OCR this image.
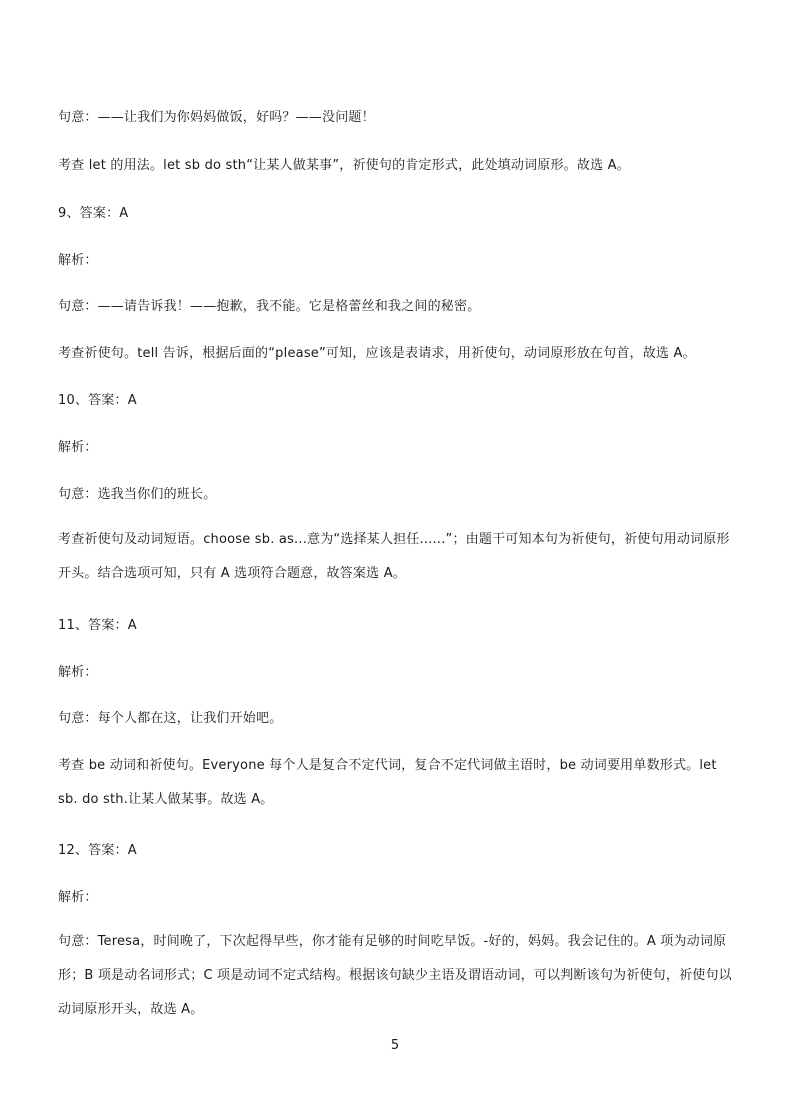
句意：——让我们为你妈妈做饭，好吗？——没问题！
考查 let 的用法。let sb do sth“让某人做某事”，祈使句的肯定形式，此处填动词原形。故选 A。
9、答案：A
解析：
句意：——请告诉我！——抱歉，我不能。它是格蕾丝和我之间的秘密。
考查祈使句。tell 告诉，根据后面的“please”可知，应该是表请求，用祈使句，动词原形放在句首，故选 A。
10、答案：A
解析：
句意：选我当你们的班长。
考查祈使句及动词短语。choose sb. as...意为“选择某人担任......”；由题干可知本句为祈使句，祈使句用动词原形开头。结合选项可知，只有 A 选项符合题意，故答案选 A。
11、答案：A
解析：
句意：每个人都在这，让我们开始吧。
考查 be 动词和祈使句。Everyone 每个人是复合不定代词，复合不定代词做主语时，be 动词要用单数形式。let sb. do sth.让某人做某事。故选 A。
12、答案：A
解析：
句意：Teresa，时间晚了，下次起得早些，你才能有足够的时间吃早饭。-好的，妈妈。我会记住的。A 项为动词原形；B 项是动名词形式；C 项是动词不定式结构。根据该句缺少主语及谓语动词，可以判断该句为祈使句，祈使句以动词原形开头，故选 A。
5
